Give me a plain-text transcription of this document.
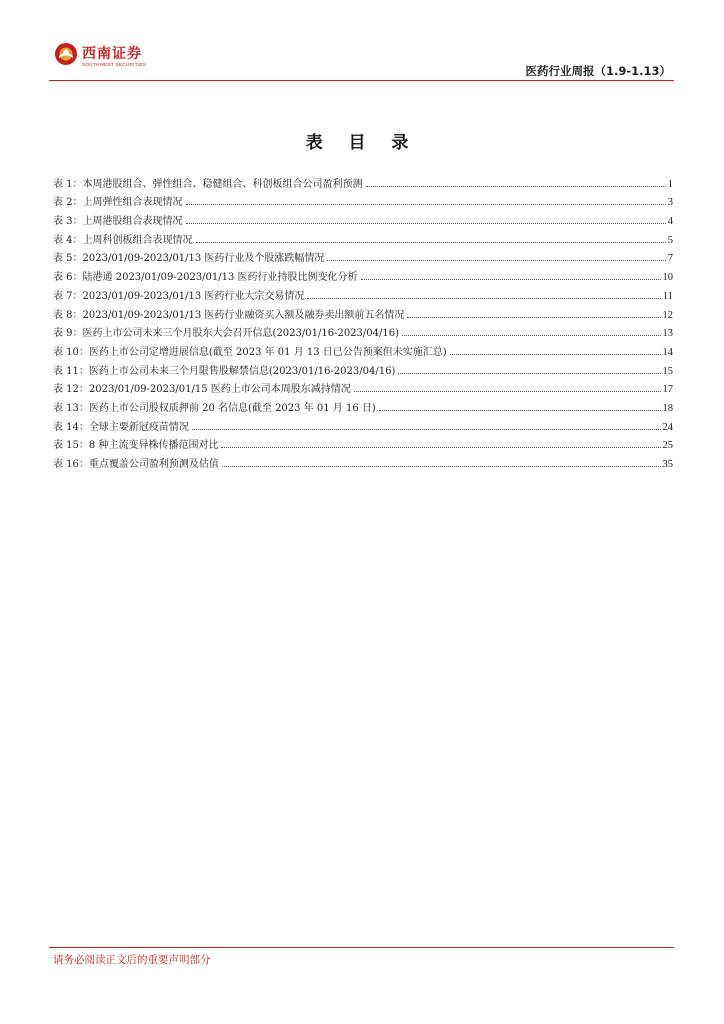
西南证券
SOUTHWEST SECURITIES	医药行业周报（1.9-1.13）
表 目 录
表 1：本周港股组合、弹性组合、稳健组合、科创板组合公司盈利预测	1
表 2：上周弹性组合表现情况	3
表 3：上周港股组合表现情况	4
表 4：上周科创板组合表现情况	5
表 5：2023/01/09-2023/01/13 医药行业及个股涨跌幅情况	7
表 6：陆港通 2023/01/09-2023/01/13 医药行业持股比例变化分析	10
表 7：2023/01/09-2023/01/13 医药行业大宗交易情况	11
表 8：2023/01/09-2023/01/13 医药行业融资买入额及融券卖出额前五名情况	12
表 9：医药上市公司未来三个月股东大会召开信息(2023/01/16-2023/04/16)	13
表 10：医药上市公司定增进展信息(截至 2023 年 01 月 13 日已公告预案但未实施汇总)	14
表 11：医药上市公司未来三个月限售股解禁信息(2023/01/16-2023/04/16)	15
表 12：2023/01/09-2023/01/15 医药上市公司本周股东减持情况	17
表 13：医药上市公司股权质押前 20 名信息(截至 2023 年 01 月 16 日)	18
表 14：全球主要新冠疫苗情况	24
表 15：8 种主流变异株传播范围对比	25
表 16：重点覆盖公司盈利预测及估值	35
请务必阅读正文后的重要声明部分
